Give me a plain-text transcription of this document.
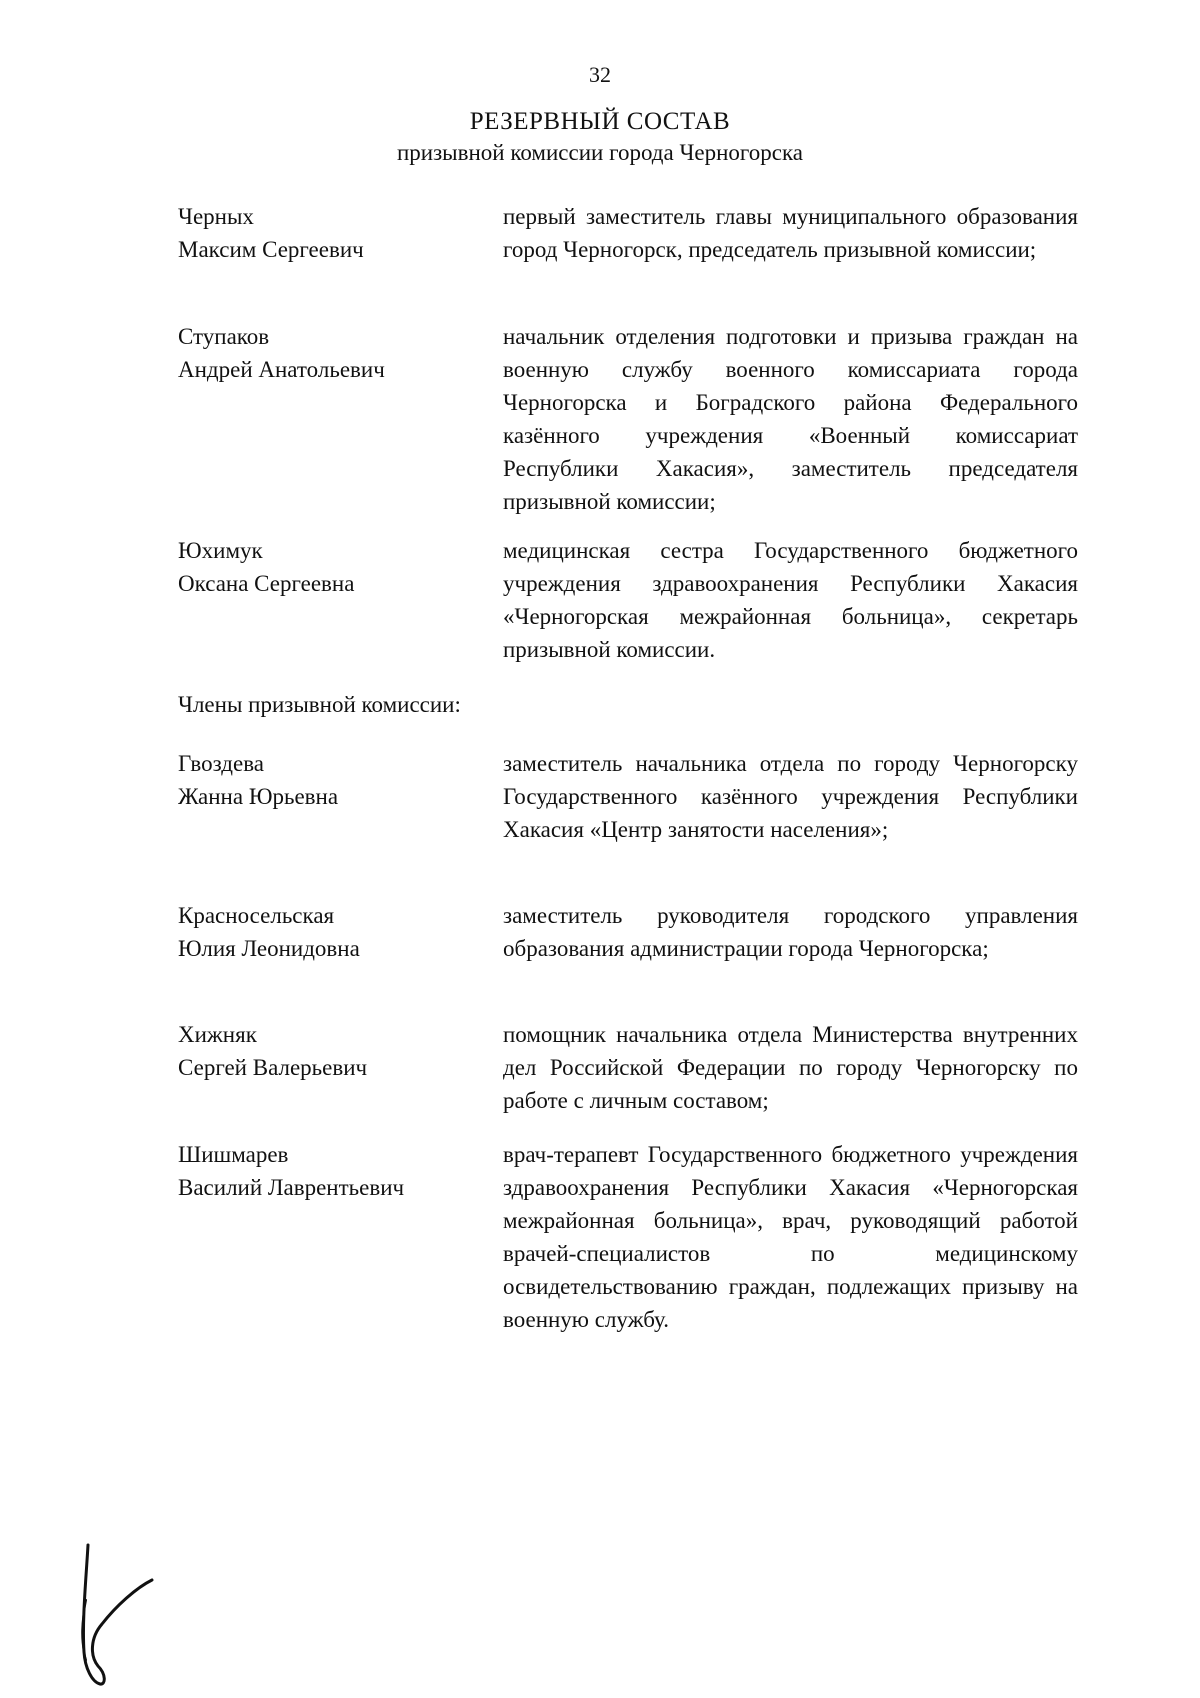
32
РЕЗЕРВНЫЙ СОСТАВ
призывной комиссии города Черногорска
Черных
Максим Сергеевич
первый заместитель главы муниципального образования город Черногорск, председатель призывной комиссии;
Ступаков
Андрей Анатольевич
начальник отделения подготовки и призыва граждан на военную службу военного комиссариата города Черногорска и Боградского района Федерального казённого учреждения «Военный комиссариат Республики Хакасия», заместитель председателя призывной комиссии;
Юхимук
Оксана Сергеевна
медицинская сестра Государственного бюджетного учреждения здравоохранения Республики Хакасия «Черногорская межрайонная больница», секретарь призывной комиссии.
Члены призывной комиссии:
Гвоздева
Жанна Юрьевна
заместитель начальника отдела по городу Черногорску Государственного казённого учреждения Республики Хакасия «Центр занятости населения»;
Красносельская
Юлия Леонидовна
заместитель руководителя городского управления образования администрации города Черногорска;
Хижняк
Сергей Валерьевич
помощник начальника отдела Министерства внутренних дел Российской Федерации по городу Черногорску по работе с личным составом;
Шишмарев
Василий Лаврентьевич
врач-терапевт Государственного бюджетного учреждения здравоохранения Республики Хакасия «Черногорская межрайонная больница», врач, руководящий работой врачей-специалистов по медицинскому освидетельствованию граждан, подлежащих призыву на военную службу.
